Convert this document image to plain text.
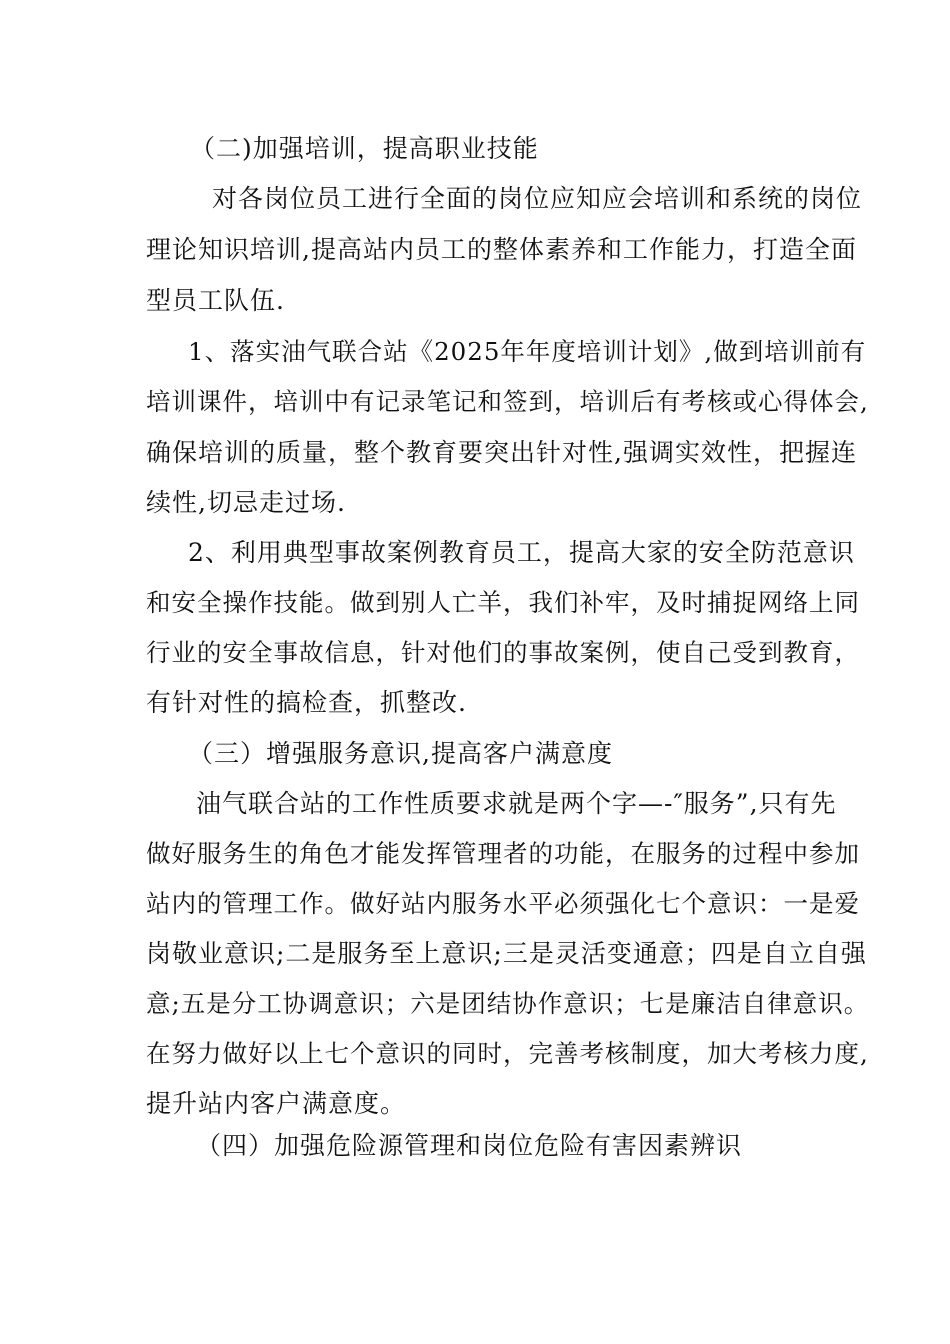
（二)加强培训，提高职业技能
对各岗位员工进行全面的岗位应知应会培训和系统的岗位
理论知识培训,提高站内员工的整体素养和工作能力，打造全面
型员工队伍.
1、落实油气联合站《2025年年度培训计划》,做到培训前有
培训课件，培训中有记录笔记和签到，培训后有考核或心得体会,
确保培训的质量，整个教育要突出针对性,强调实效性，把握连
续性,切忌走过场.
2、利用典型事故案例教育员工，提高大家的安全防范意识
和安全操作技能。做到别人亡羊，我们补牢，及时捕捉网络上同
行业的安全事故信息，针对他们的事故案例，使自己受到教育，
有针对性的搞检查，抓整改.
（三）增强服务意识,提高客户满意度
油气联合站的工作性质要求就是两个字—-″服务”,只有先
做好服务生的角色才能发挥管理者的功能，在服务的过程中参加
站内的管理工作。做好站内服务水平必须强化七个意识：一是爱
岗敬业意识;二是服务至上意识;三是灵活变通意；四是自立自强
意;五是分工协调意识；六是团结协作意识；七是廉洁自律意识。
在努力做好以上七个意识的同时，完善考核制度，加大考核力度,
提升站内客户满意度。
（四）加强危险源管理和岗位危险有害因素辨识
